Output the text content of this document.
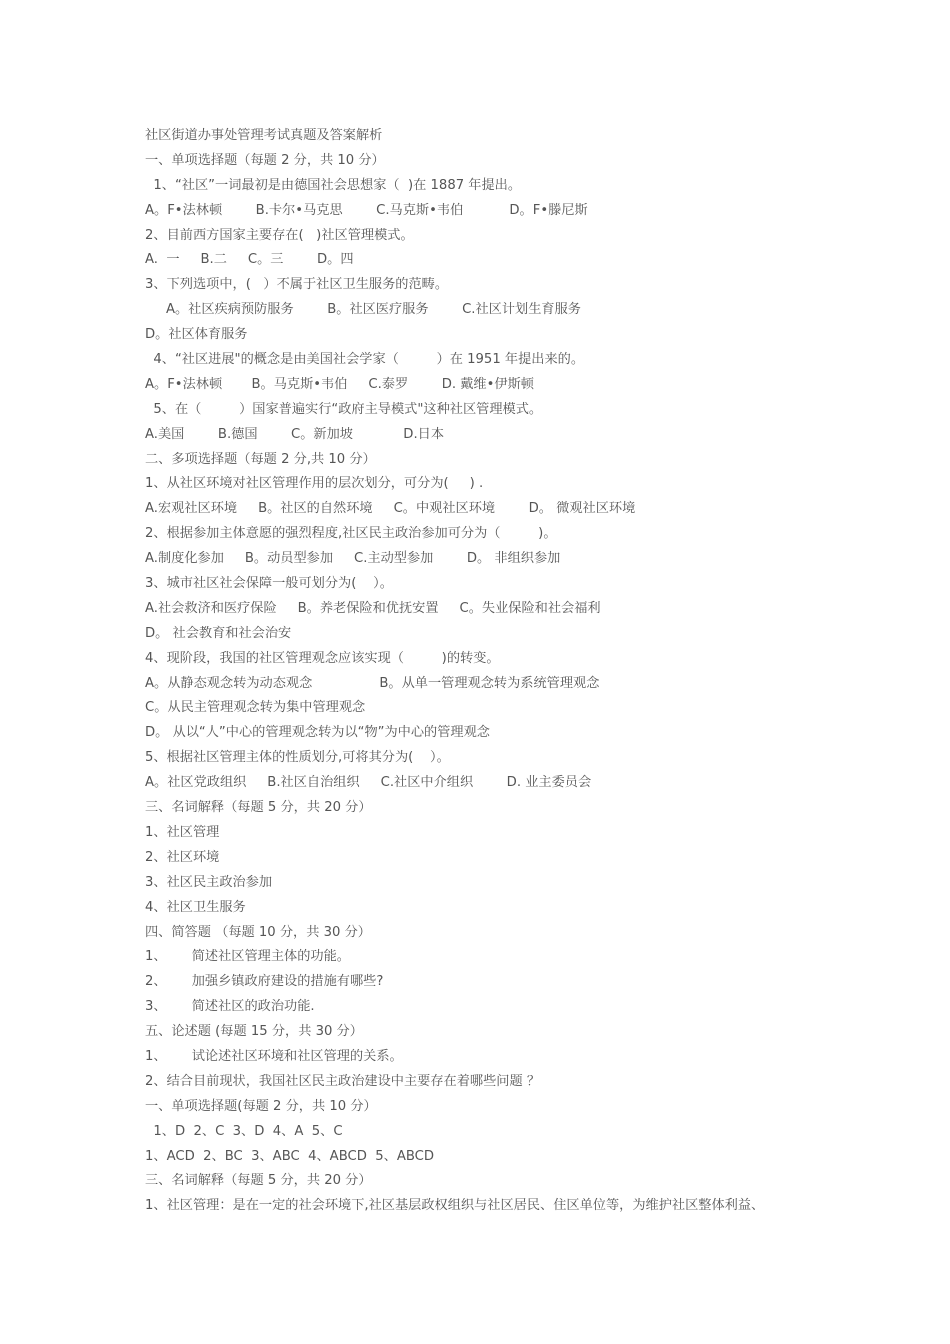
社区街道办事处管理考试真题及答案解析
一、单项选择题（每题 2 分，共 10 分）
1、“社区”一词最初是由德国社会思想家（  )在 1887 年提出。
A。F•法林顿        B.卡尔•马克思        C.马克斯•韦伯           D。F•滕尼斯
2、目前西方国家主要存在(   )社区管理模式。
A.  一     B.二     C。三        D。四
3、下列选项中，(   ）不属于社区卫生服务的范畴。
A。社区疾病预防服务        B。社区医疗服务        C.社区计划生育服务
D。社区体育服务
4、“社区进展"的概念是由美国社会学家（         ）在 1951 年提出来的。
A。F•法林顿       B。马克斯•韦伯     C.泰罗        D. 戴维•伊斯顿
5、在（         ）国家普遍实行“政府主导模式"这种社区管理模式。
A.美国        B.德国        C。新加坡            D.日本
二、多项选择题（每题 2 分,共 10 分）
1、从社区环境对社区管理作用的层次划分，可分为(     ) .
A.宏观社区环境     B。社区的自然环境     C。中观社区环境        D。 微观社区环境
2、根据参加主体意愿的强烈程度,社区民主政治参加可分为（         )。
A.制度化参加     B。动员型参加     C.主动型参加        D。 非组织参加
3、城市社区社会保障一般可划分为(    ）。
A.社会救济和医疗保险     B。养老保险和优抚安置     C。失业保险和社会福利
D。 社会教育和社会治安
4、现阶段，我国的社区管理观念应该实现（         )的转变。
A。从静态观念转为动态观念                B。从单一管理观念转为系统管理观念
C。从民主管理观念转为集中管理观念
D。 从以“人”中心的管理观念转为以“物”为中心的管理观念
5、根据社区管理主体的性质划分,可将其分为(    ）。
A。社区党政组织     B.社区自治组织     C.社区中介组织        D. 业主委员会
三、名词解释（每题 5 分，共 20 分）
1、社区管理
2、社区环境
3、社区民主政治参加
4、社区卫生服务
四、简答题 （每题 10 分，共 30 分）
1、      简述社区管理主体的功能。
2、      加强乡镇政府建设的措施有哪些?
3、      简述社区的政治功能.
五、论述题 (每题 15 分，共 30 分）
1、      试论述社区环境和社区管理的关系。
2、结合目前现状，我国社区民主政治建设中主要存在着哪些问题 ？
一、单项选择题(每题 2 分，共 10 分）
1、D  2、C  3、D  4、A  5、C
1、ACD  2、BC  3、ABC  4、ABCD  5、ABCD
三、名词解释（每题 5 分，共 20 分）
1、社区管理：是在一定的社会环境下,社区基层政权组织与社区居民、住区单位等，为维护社区整体利益、
